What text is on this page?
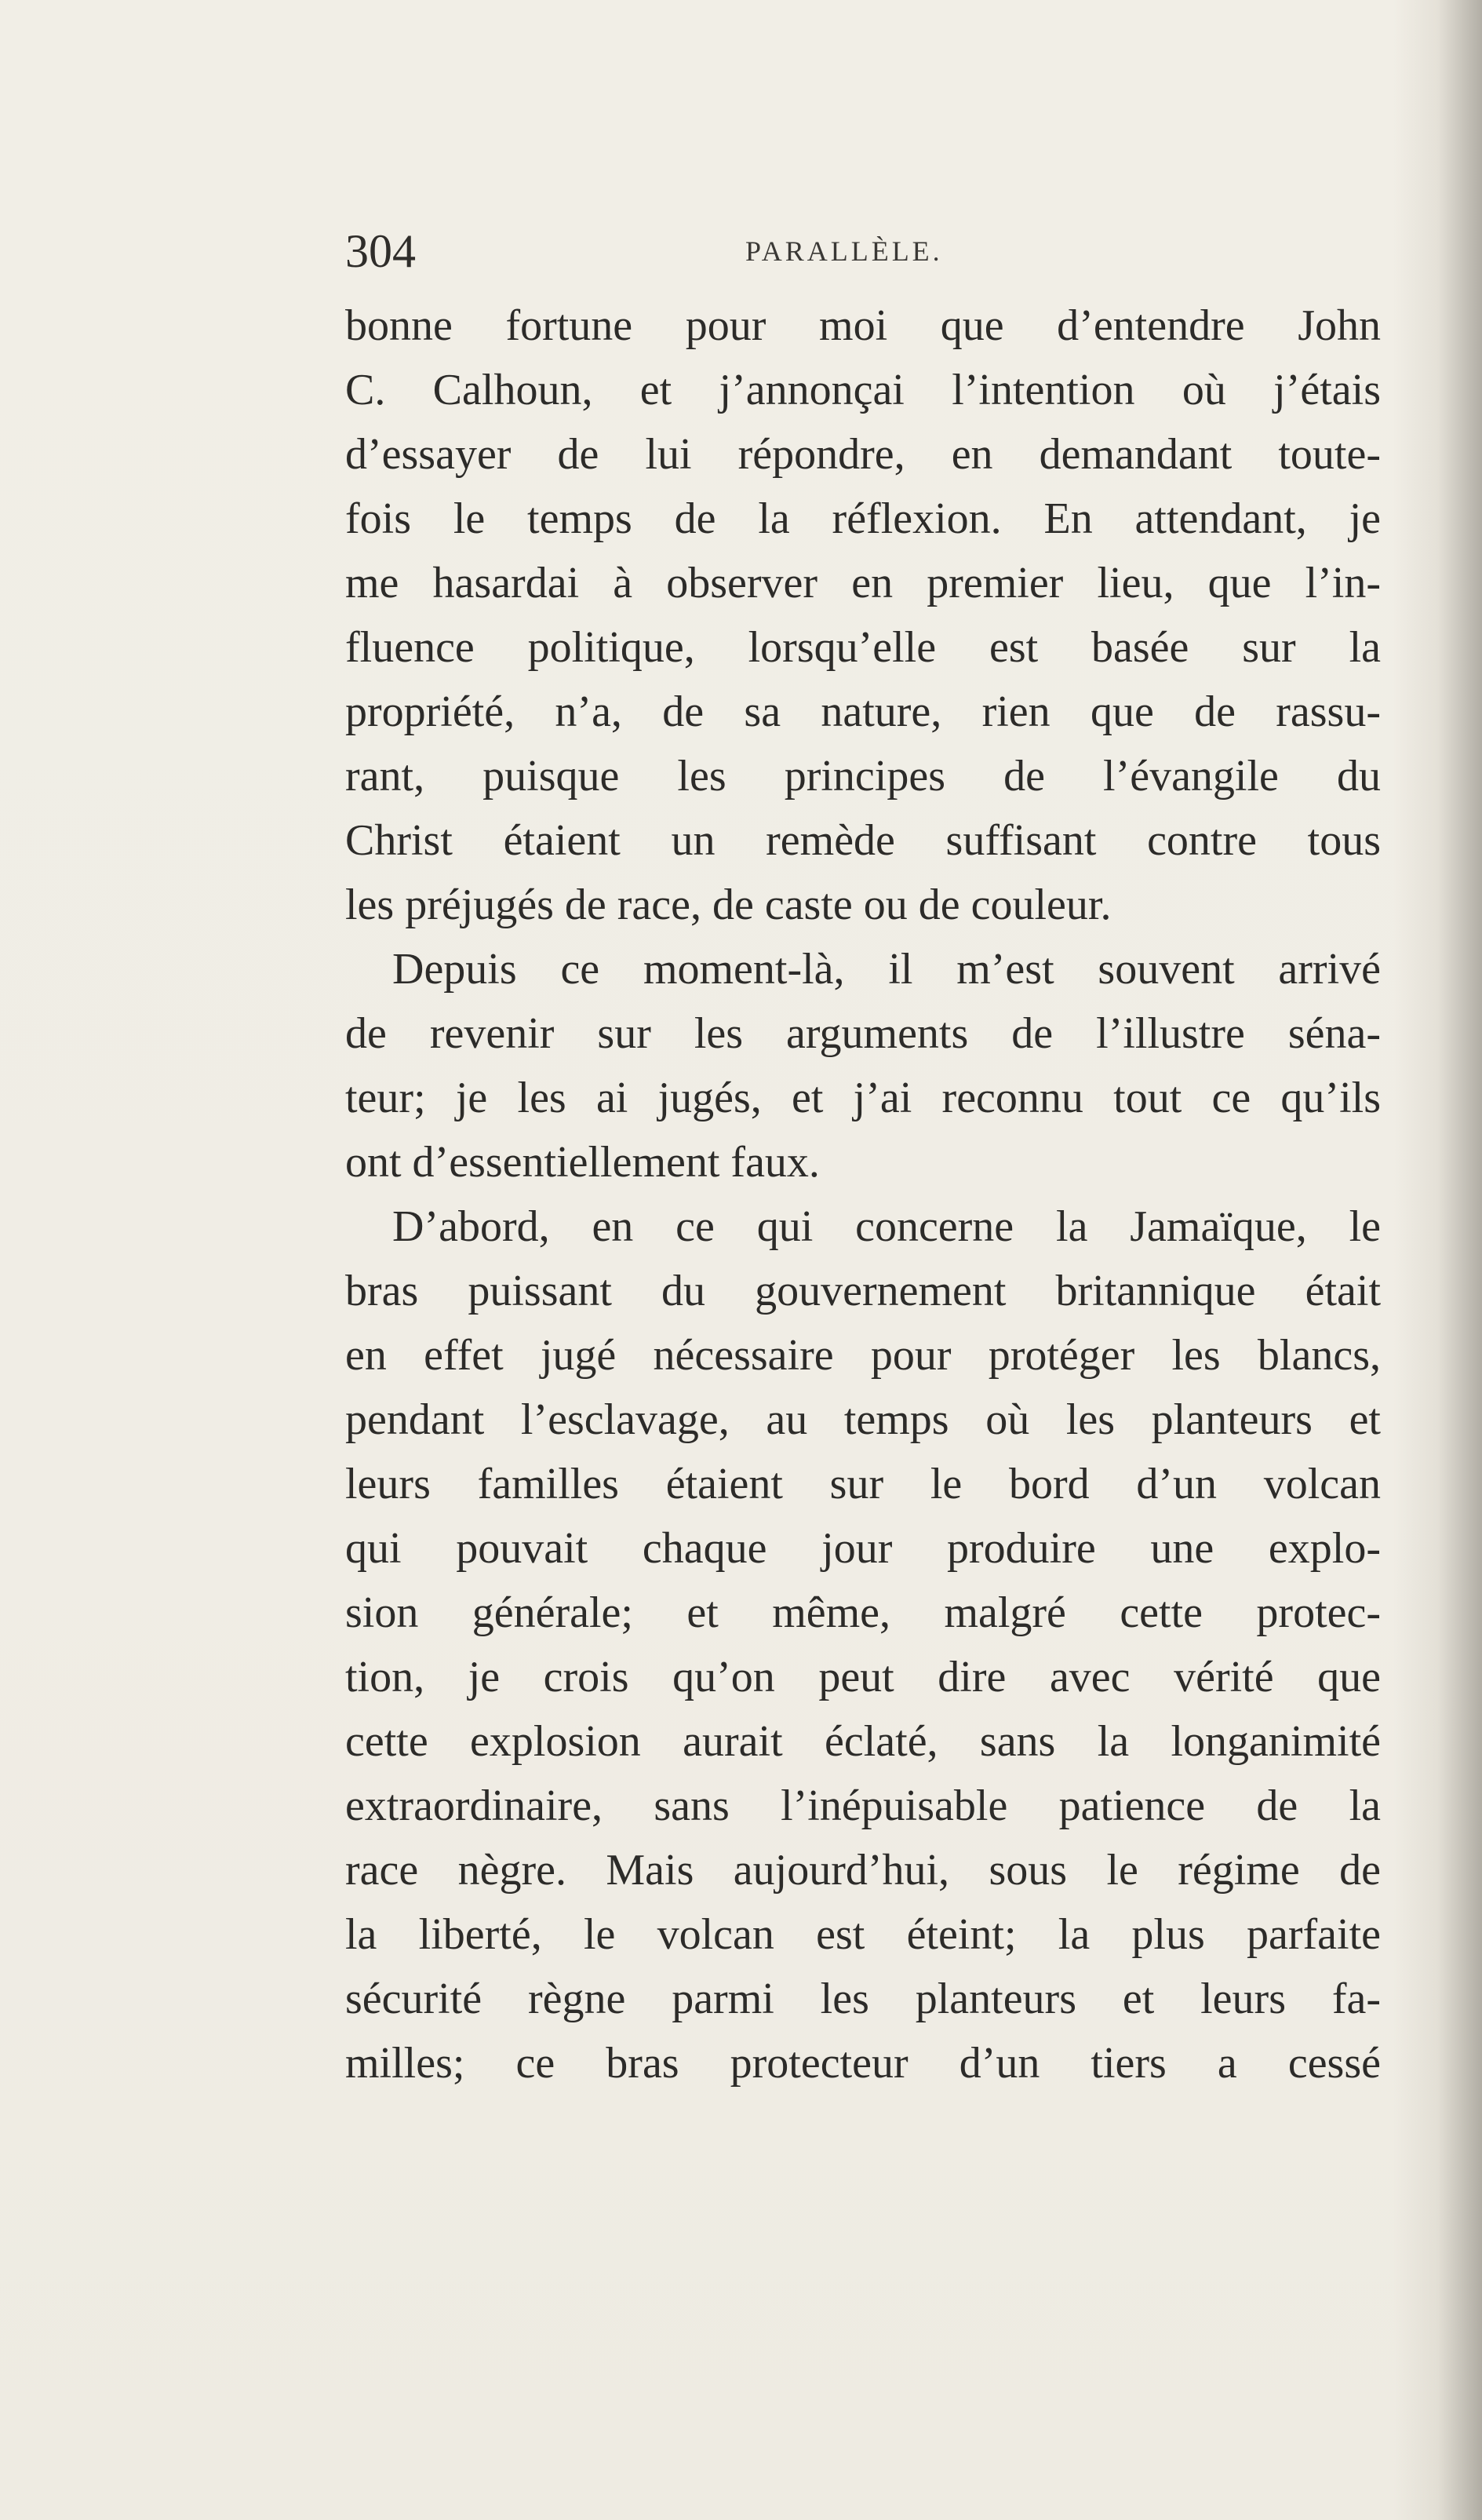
304	PARALLÈLE.
bonne fortune pour moi que d’entendre John
C. Calhoun, et j’annonçai l’intention où j’étais
d’essayer de lui répondre, en demandant toute-
fois le temps de la réflexion. En attendant, je
me hasardai à observer en premier lieu, que l’in-
fluence politique, lorsqu’elle est basée sur la
propriété, n’a, de sa nature, rien que de rassu-
rant, puisque les principes de l’évangile du
Christ étaient un remède suffisant contre tous
les préjugés de race, de caste ou de couleur.
Depuis ce moment-là, il m’est souvent arrivé
de revenir sur les arguments de l’illustre séna-
teur; je les ai jugés, et j’ai reconnu tout ce qu’ils
ont d’essentiellement faux.
D’abord, en ce qui concerne la Jamaïque, le
bras puissant du gouvernement britannique était
en effet jugé nécessaire pour protéger les blancs,
pendant l’esclavage, au temps où les planteurs et
leurs familles étaient sur le bord d’un volcan
qui pouvait chaque jour produire une explo-
sion générale; et même, malgré cette protec-
tion, je crois qu’on peut dire avec vérité que
cette explosion aurait éclaté, sans la longanimité
extraordinaire, sans l’inépuisable patience de la
race nègre. Mais aujourd’hui, sous le régime de
la liberté, le volcan est éteint; la plus parfaite
sécurité règne parmi les planteurs et leurs fa-
milles; ce bras protecteur d’un tiers a cessé
